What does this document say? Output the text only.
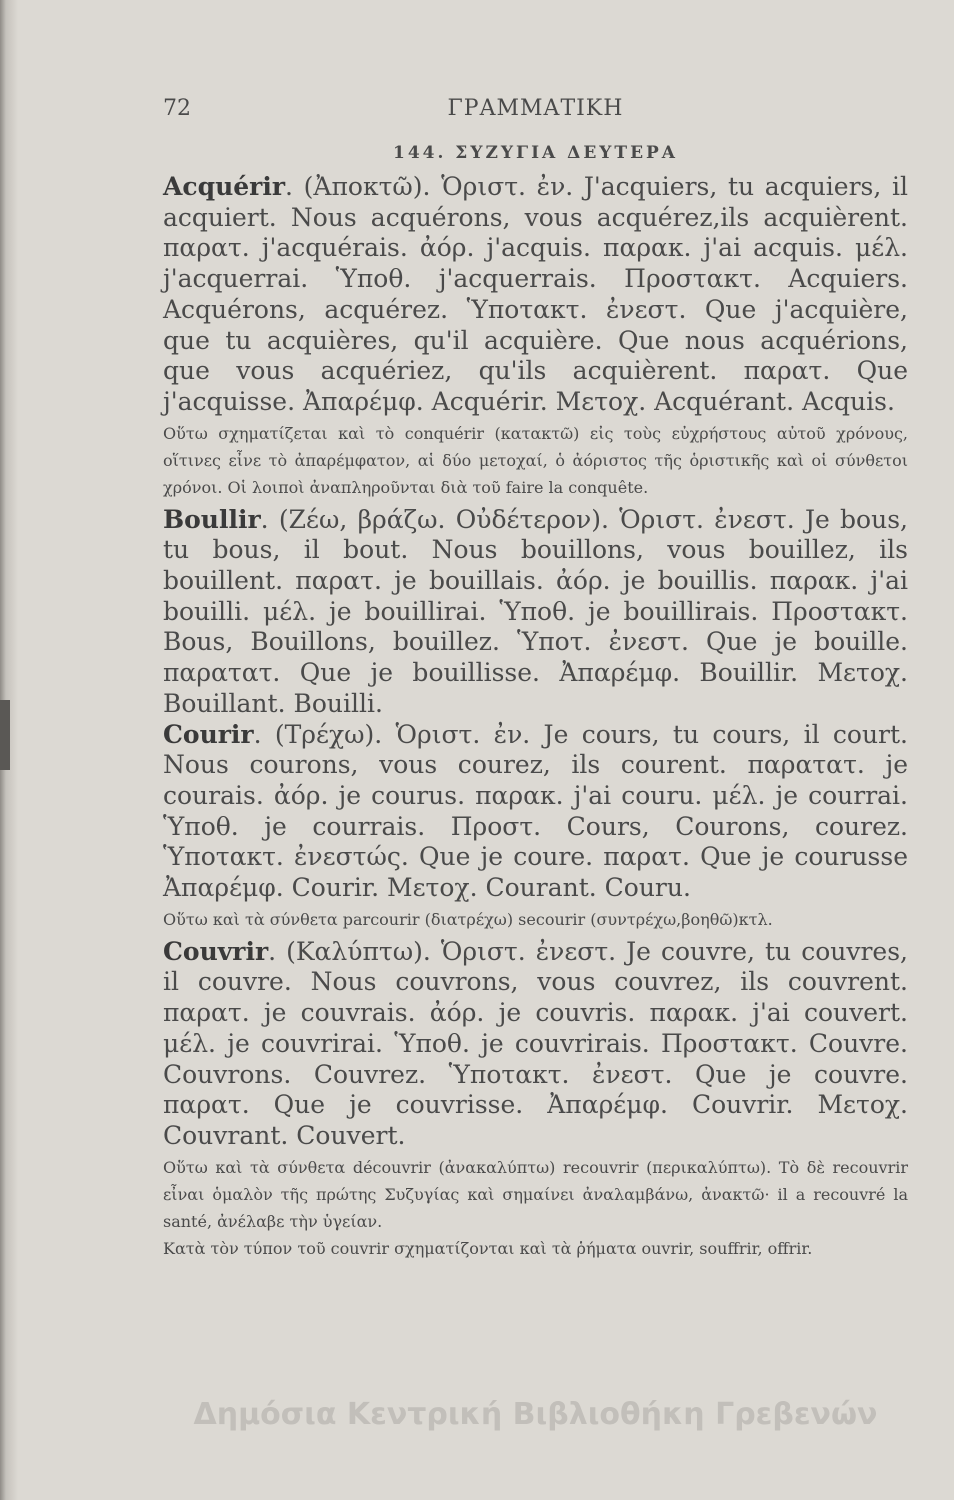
72	ΓΡΑΜΜΑΤΙΚΗ
144. ΣΥΖΥΓΙΑ ΔΕΥΤΕΡΑ

Acquérir. (Ἀποκτῶ). Ὁριστ. ἐν. J'acquiers, tu acquiers, il acquiert. Nous acquérons, vous acquérez,ils acquièrent. παρατ. j'acquérais. ἀόρ. j'acquis. παρακ. j'ai acquis. μέλ. j'acquerrai. Ὑποθ. j'acquerrais. Προστακτ. Acquiers. Acquérons, acquérez. Ὑποτακτ. ἐνεστ. Que j'acquière, que tu acquières, qu'il acquière. Que nous acquérions, que vous acquériez, qu'ils acquièrent. παρατ. Que j'acquisse. Ἀπαρέμφ. Acquérir. Μετοχ. Acquérant. Acquis.

Οὕτω σχηματίζεται καὶ τὸ conquérir (κατακτῶ) εἰς τοὺς εὐχρήστους αὐτοῦ χρόνους, οἵτινες εἶνε τὸ ἀπαρέμφατον, αἱ δύο μετοχαί, ὁ ἀόριστος τῆς ὁριστικῆς καὶ οἱ σύνθετοι χρόνοι. Οἱ λοιποὶ ἀναπληροῦνται διὰ τοῦ faire la conquête.

Boullir. (Ζέω, βράζω. Οὐδέτερον). Ὁριστ. ἐνεστ. Je bous, tu bous, il bout. Nous bouillons, vous bouillez, ils bouillent. παρατ. je bouillais. ἀόρ. je bouillis. παρακ. j'ai bouilli. μέλ. je bouillirai. Ὑποθ. je bouillirais. Προστακτ. Bous, Bouillons, bouillez. Ὑποτ. ἐνεστ. Que je bouille. παρατατ. Que je bouillisse. Ἀπαρέμφ. Bouillir. Μετοχ. Bouillant. Bouilli.

Courir. (Τρέχω). Ὁριστ. ἐν. Je cours, tu cours, il court. Nous courons, vous courez, ils courent. παρατατ. je courais. ἀόρ. je courus. παρακ. j'ai couru. μέλ. je courrai. Ὑποθ. je courrais. Προστ. Cours, Courons, courez. Ὑποτακτ. ἐνεστώς. Que je coure. παρατ. Que je courusse Ἀπαρέμφ. Courir. Μετοχ. Courant. Couru.

Οὕτω καὶ τὰ σύνθετα parcourir (διατρέχω) secourir (συντρέχω,βοηθῶ)κτλ.

Couvrir. (Καλύπτω). Ὁριστ. ἐνεστ. Je couvre, tu couvres, il couvre. Nous couvrons, vous couvrez, ils couvrent. παρατ. je couvrais. ἀόρ. je couvris. παρακ. j'ai couvert. μέλ. je couvrirai. Ὑποθ. je couvrirais. Προστακτ. Couvre. Couvrons. Couvrez. Ὑποτακτ. ἐνεστ. Que je couvre. παρατ. Que je couvrisse. Ἀπαρέμφ. Couvrir. Μετοχ. Couvrant. Couvert.

Οὕτω καὶ τὰ σύνθετα découvrir (ἀνακαλύπτω) recouvrir (περικαλύπτω). Τὸ δὲ recouvrir εἶναι ὁμαλὸν τῆς πρώτης Συζυγίας καὶ σημαίνει ἀναλαμβάνω, ἀνακτῶ· il a recouvré la santé, ἀνέλαβε τὴν ὑγείαν.

Κατὰ τὸν τύπον τοῦ couvrir σχηματίζονται καὶ τὰ ῥήματα ouvrir, souffrir, offrir.

Δημόσια Κεντρική Βιβλιοθήκη Γρεβενών
